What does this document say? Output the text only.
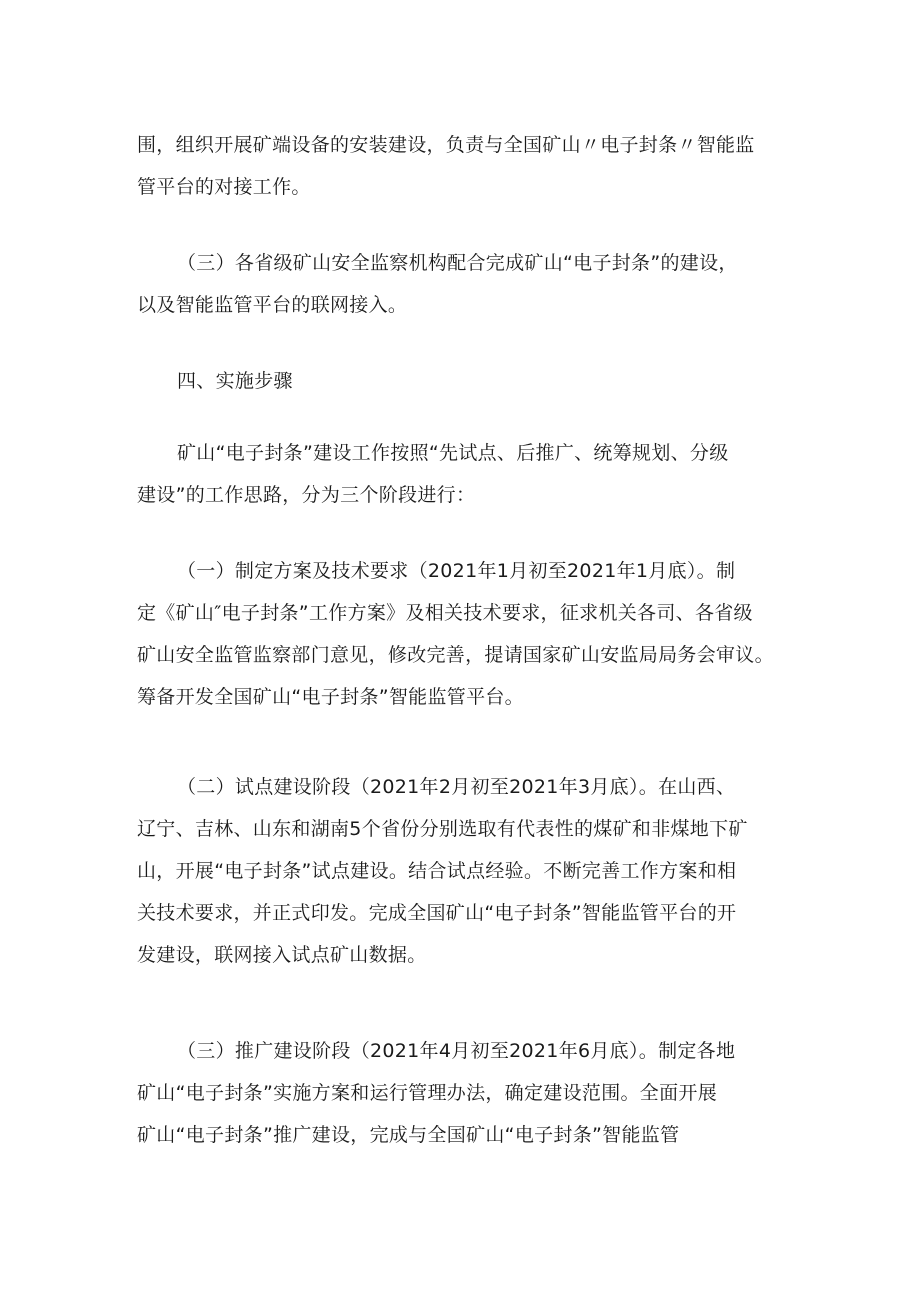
围，组织开展矿端设备的安装建设，负责与全国矿山〃电子封条〃智能监
管平台的对接工作。

（三）各省级矿山安全监察机构配合完成矿山“电子封条”的建设，
以及智能监管平台的联网接入。

四、实施步骤

矿山“电子封条”建设工作按照“先试点、后推广、统筹规划、分级
建设”的工作思路，分为三个阶段进行：

（一）制定方案及技术要求（2021年1月初至2021年1月底）。制
定《矿山″电子封条”工作方案》及相关技术要求，征求机关各司、各省级
矿山安全监管监察部门意见，修改完善，提请国家矿山安监局局务会审议。
筹备开发全国矿山“电子封条”智能监管平台。

（二）试点建设阶段（2021年2月初至2021年3月底）。在山西、
辽宁、吉林、山东和湖南5个省份分别选取有代表性的煤矿和非煤地下矿
山，开展“电子封条”试点建设。结合试点经验。不断完善工作方案和相
关技术要求，并正式印发。完成全国矿山“电子封条”智能监管平台的开
发建设，联网接入试点矿山数据。

（三）推广建设阶段（2021年4月初至2021年6月底）。制定各地
矿山“电子封条”实施方案和运行管理办法，确定建设范围。全面开展
矿山“电子封条”推广建设，完成与全国矿山“电子封条”智能监管
